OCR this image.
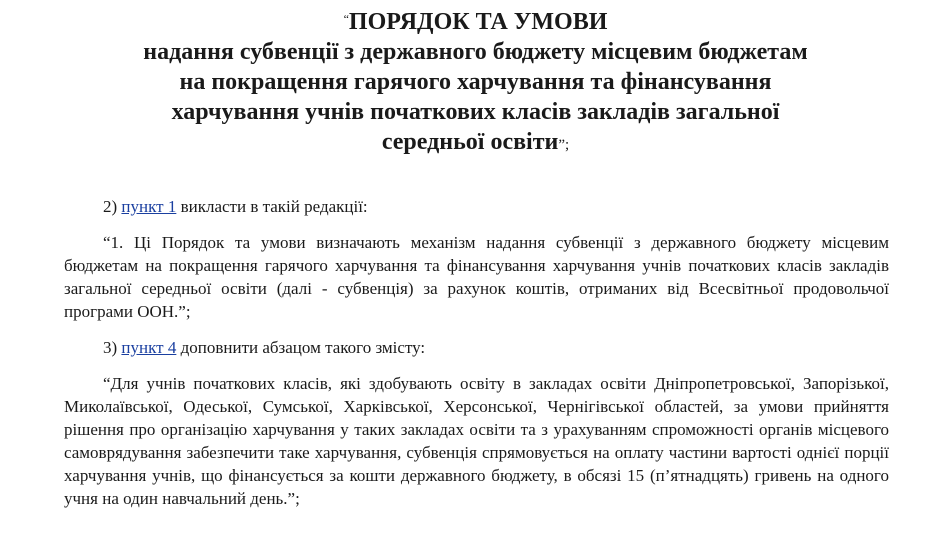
“ПОРЯДОК ТА УМОВИ
надання субвенції з державного бюджету місцевим бюджетам
на покращення гарячого харчування та фінансування
харчування учнів початкових класів закладів загальної
середньої освіти”;
2) пункт 1 викласти в такій редакції:
“1. Ці Порядок та умови визначають механізм надання субвенції з державного бюджету місцевим бюджетам на покращення гарячого харчування та фінансування харчування учнів початкових класів закладів загальної середньої освіти (далі - субвенція) за рахунок коштів, отриманих від Всесвітньої продовольчої програми ООН.”;
3) пункт 4 доповнити абзацом такого змісту:
“Для учнів початкових класів, які здобувають освіту в закладах освіти Дніпропетровської, Запорізької, Миколаївської, Одеської, Сумської, Харківської, Херсонської, Чернігівської областей, за умови прийняття рішення про організацію харчування у таких закладах освіти та з урахуванням спроможності органів місцевого самоврядування забезпечити таке харчування, субвенція спрямовується на оплату частини вартості однієї порції харчування учнів, що фінансується за кошти державного бюджету, в обсязі 15 (п’ятнадцять) гривень на одного учня на один навчальний день.”;
